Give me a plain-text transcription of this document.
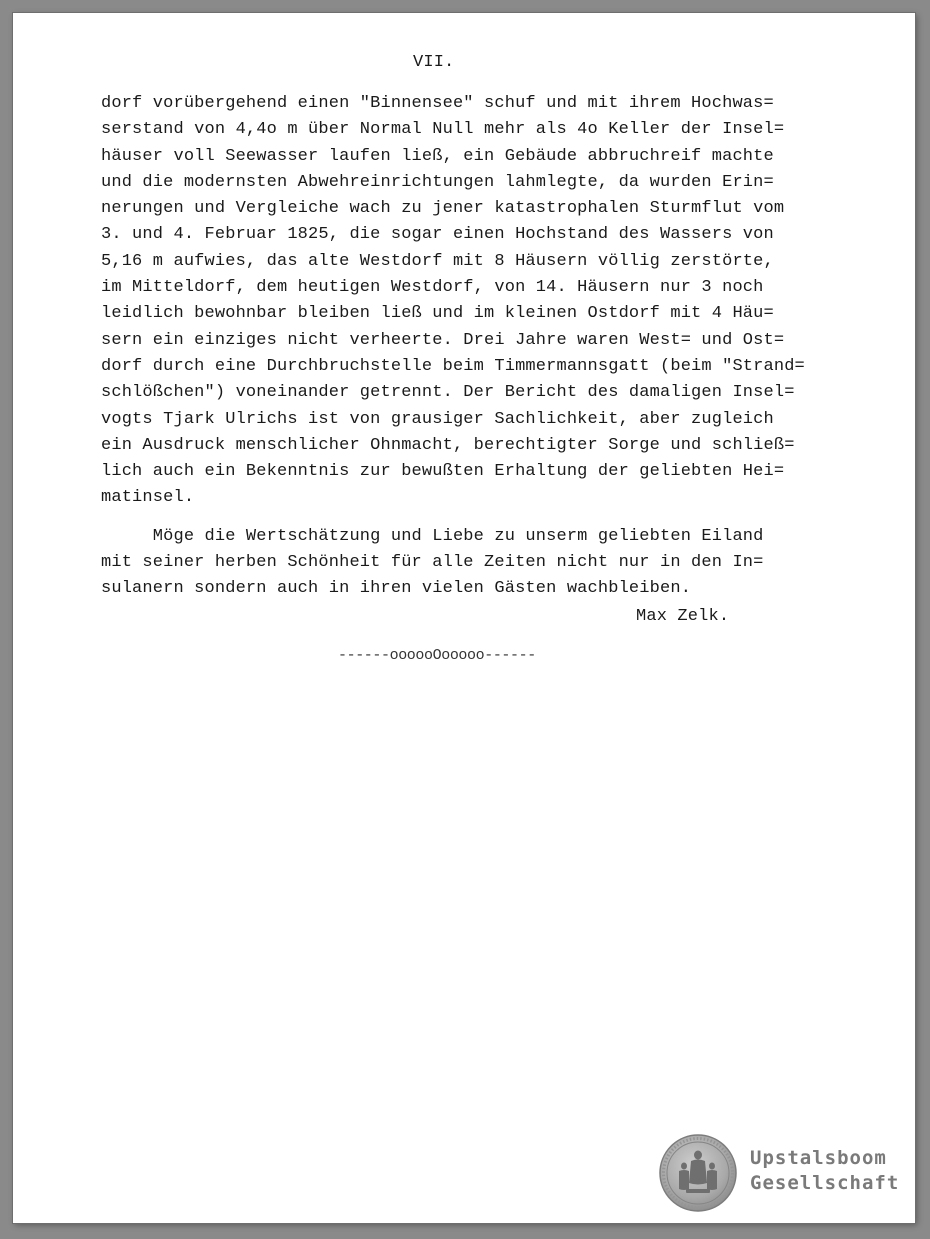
VII.

dorf vorübergehend einen "Binnensee" schuf und mit ihrem Hochwas=
serstand von 4,4o m über Normal Null mehr als 4o Keller der Insel=
häuser voll Seewasser laufen ließ, ein Gebäude abbruchreif machte
und die modernsten Abwehreinrichtungen lahmlegte, da wurden Erin=
nerungen und Vergleiche wach zu jener katastrophalen Sturmflut vom
3. und 4. Februar 1825, die sogar einen Hochstand des Wassers von
5,16 m aufwies, das alte Westdorf mit 8 Häusern völlig zerstörte,
im Mitteldorf, dem heutigen Westdorf, von 14. Häusern nur 3 noch
leidlich bewohnbar bleiben ließ und im kleinen Ostdorf mit 4 Häu=
sern ein einziges nicht verheerte. Drei Jahre waren West= und Ost=
dorf durch eine Durchbruchstelle beim Timmermannsgatt (beim "Strand=
schlößchen") voneinander getrennt. Der Bericht des damaligen Insel=
vogts Tjark Ulrichs ist von grausiger Sachlichkeit, aber zugleich
ein Ausdruck menschlicher Ohnmacht, berechtigter Sorge und schließ=
lich auch ein Bekenntnis zur bewußten Erhaltung der geliebten Hei=
matinsel.
Möge die Wertschätzung und Liebe zu unserm geliebten Eiland
mit seiner herben Schönheit für alle Zeiten nicht nur in den In=
sulanern sondern auch in ihren vielen Gästen wachbleiben.

Max Zelk.

------oooooOooooo------

Upstalsboom
Gesellschaft
